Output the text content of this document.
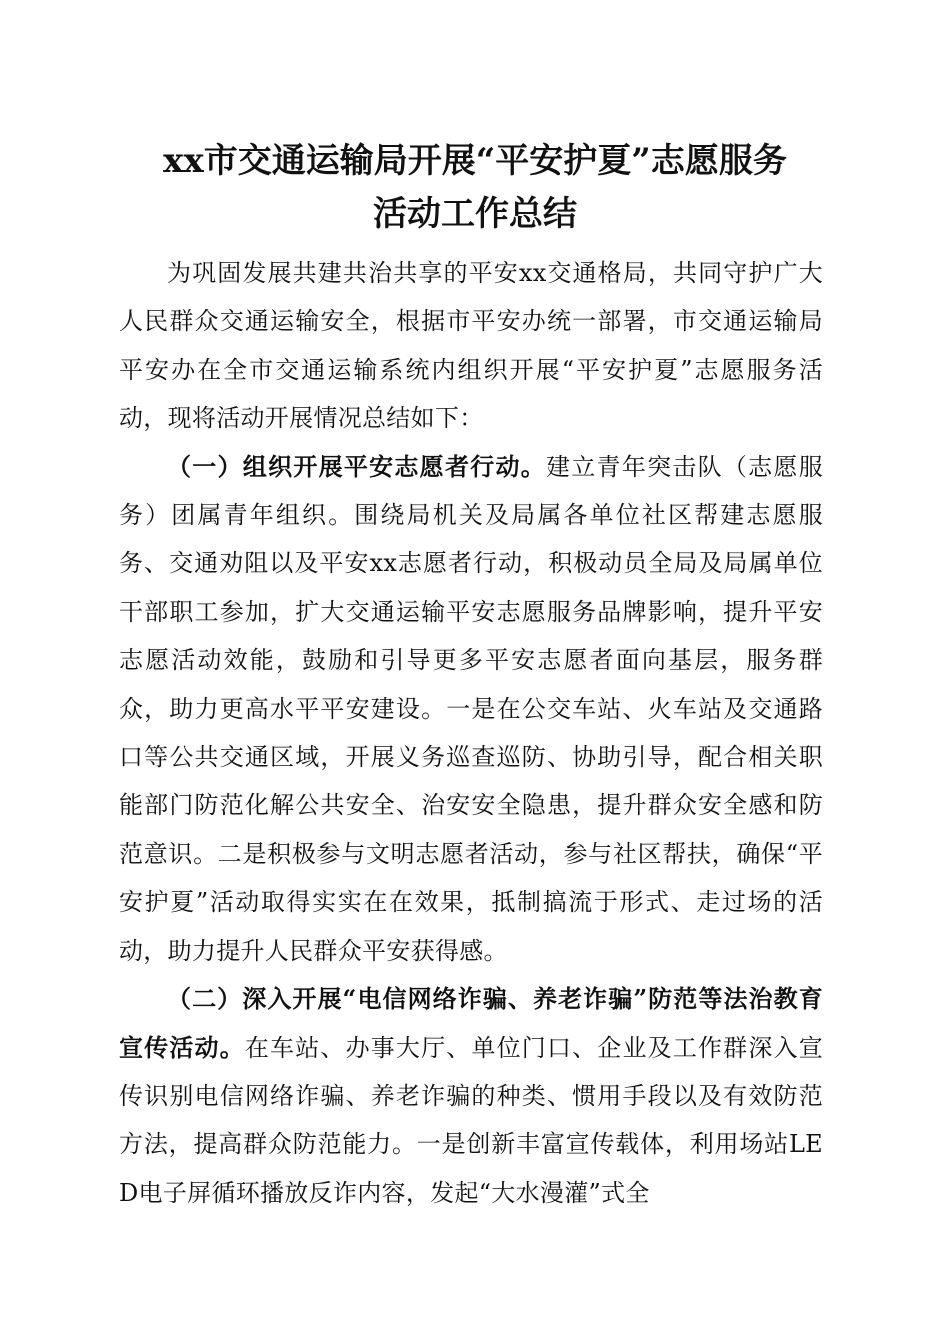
xx市交通运输局开展“平安护夏”志愿服务
活动工作总结

为巩固发展共建共治共享的平安xx交通格局，共同守护广大人民群众交通运输安全，根据市平安办统一部署，市交通运输局平安办在全市交通运输系统内组织开展“平安护夏”志愿服务活动，现将活动开展情况总结如下：

（一）组织开展平安志愿者行动。建立青年突击队（志愿服务）团属青年组织。围绕局机关及局属各单位社区帮建志愿服务、交通劝阻以及平安xx志愿者行动，积极动员全局及局属单位干部职工参加，扩大交通运输平安志愿服务品牌影响，提升平安志愿活动效能，鼓励和引导更多平安志愿者面向基层，服务群众，助力更高水平平安建设。一是在公交车站、火车站及交通路口等公共交通区域，开展义务巡查巡防、协助引导，配合相关职能部门防范化解公共安全、治安安全隐患，提升群众安全感和防范意识。二是积极参与文明志愿者活动，参与社区帮扶，确保“平安护夏”活动取得实实在在效果，抵制搞流于形式、走过场的活动，助力提升人民群众平安获得感。

（二）深入开展“电信网络诈骗、养老诈骗”防范等法治教育宣传活动。在车站、办事大厅、单位门口、企业及工作群深入宣传识别电信网络诈骗、养老诈骗的种类、惯用手段以及有效防范方法，提高群众防范能力。一是创新丰富宣传载体，利用场站LED电子屏循环播放反诈内容，发起“大水漫灌”式全
